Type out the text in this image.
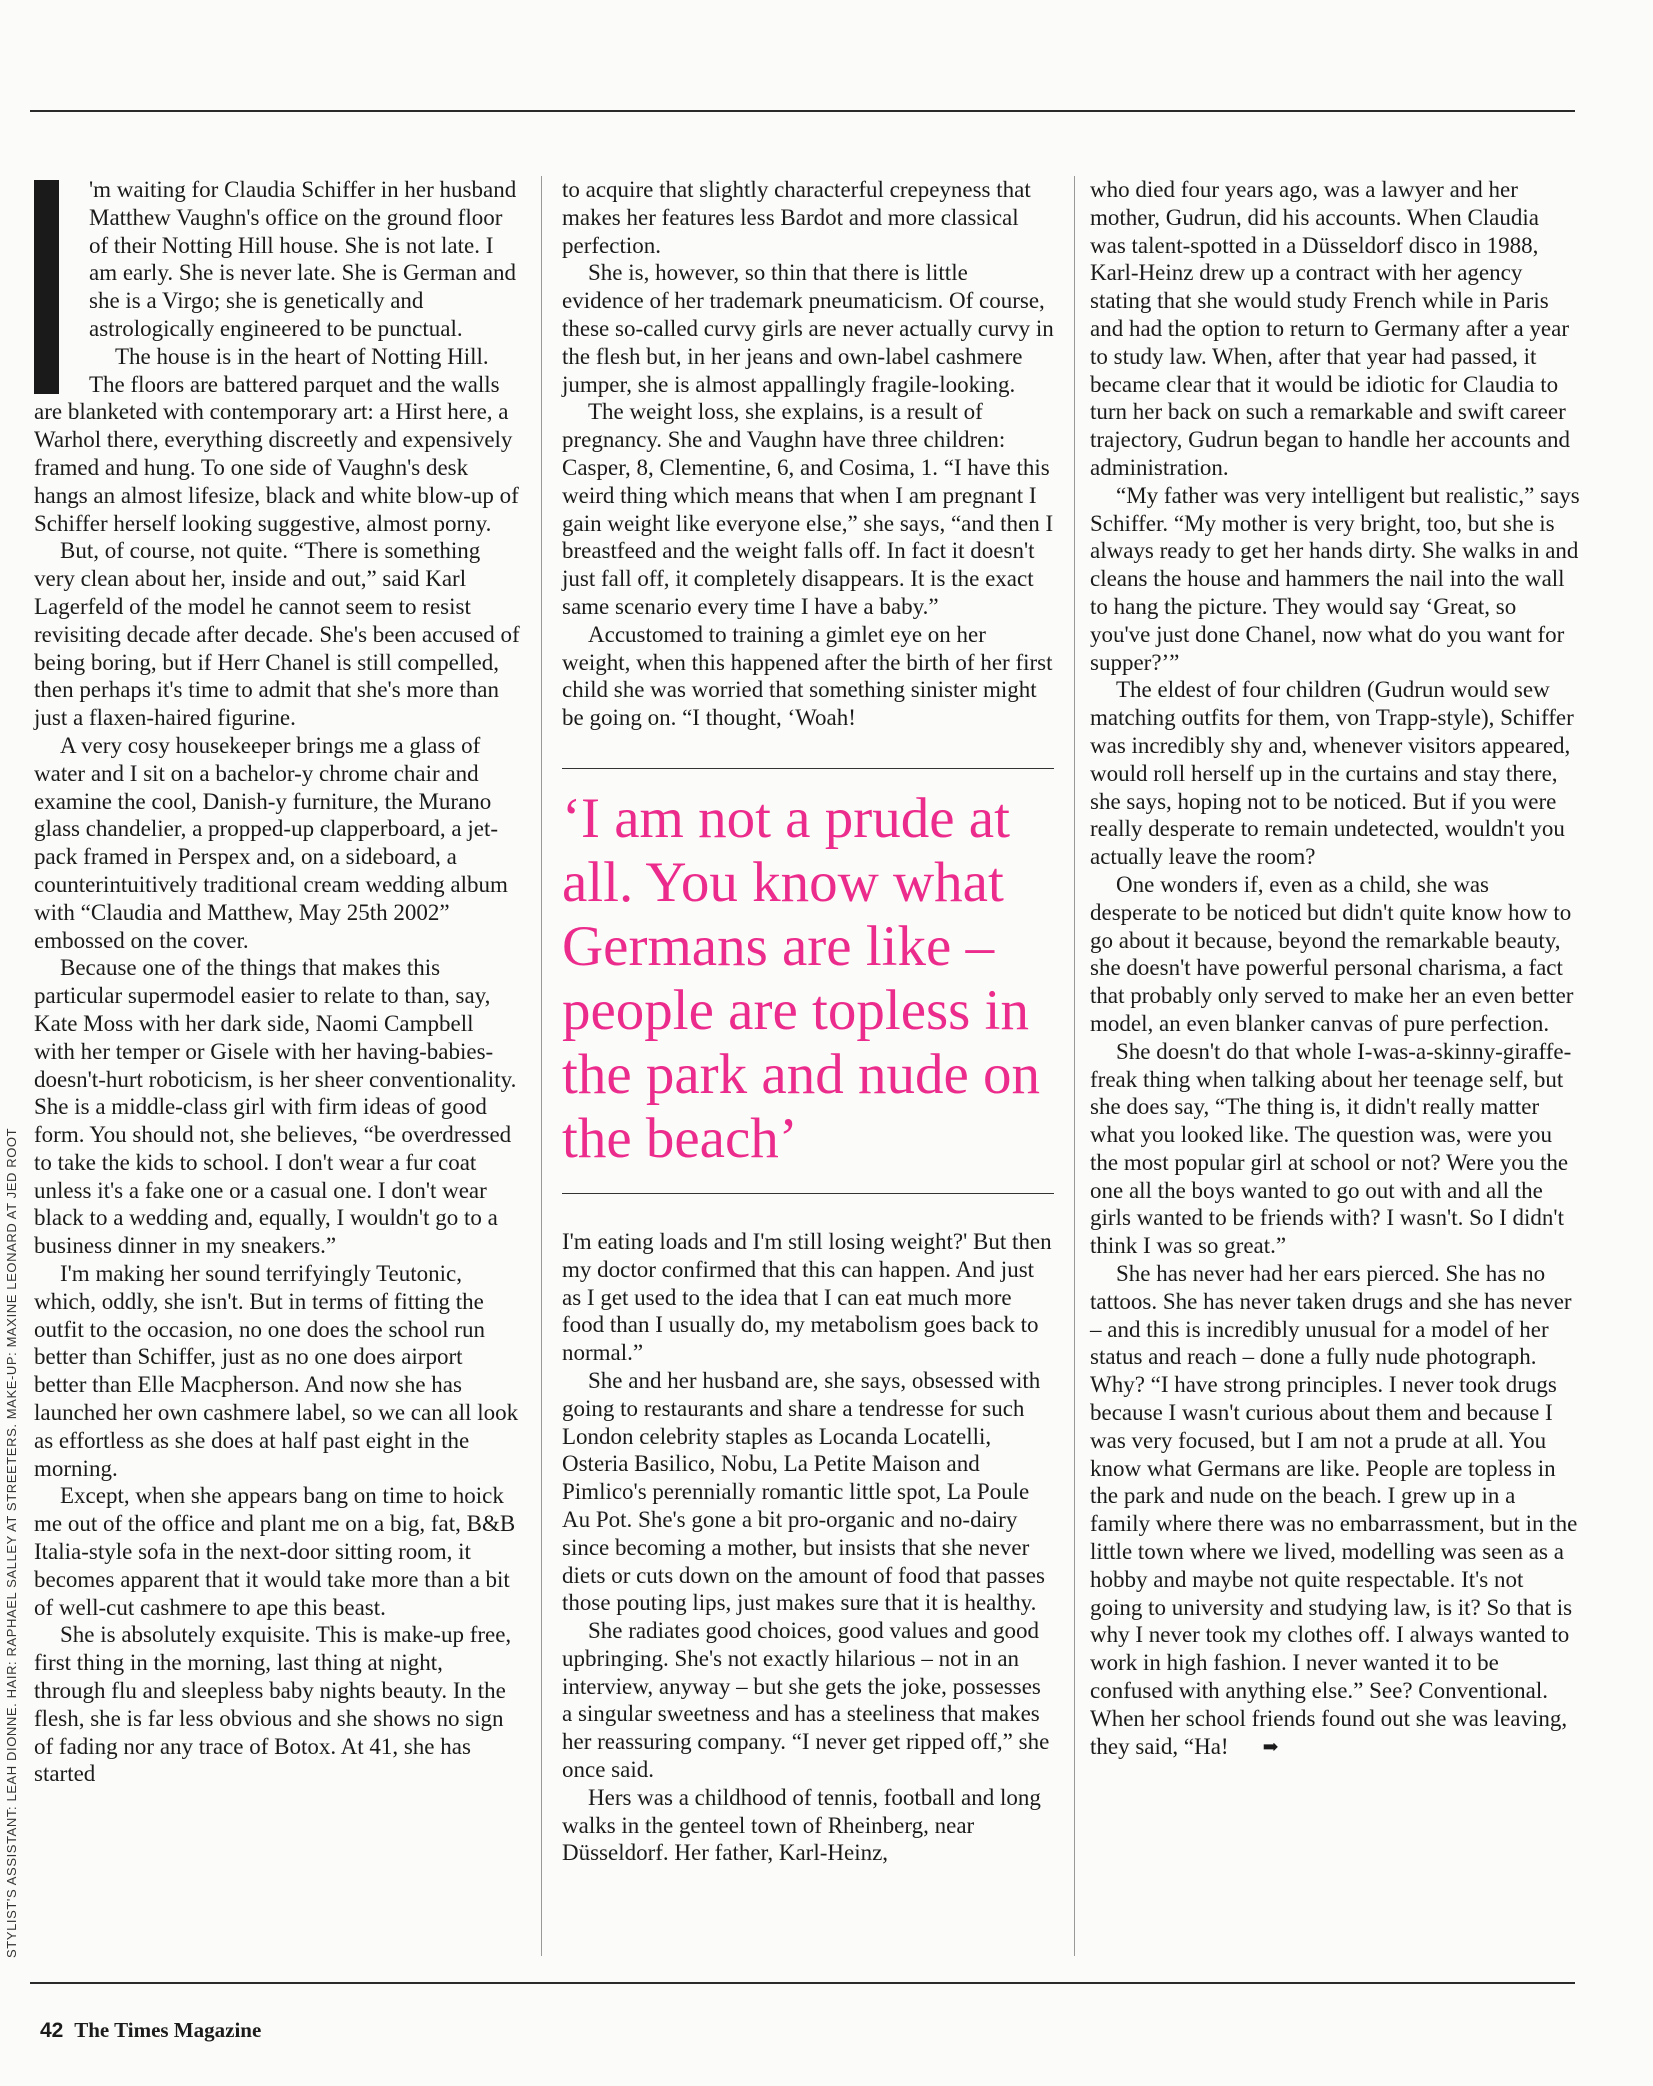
STYLIST'S ASSISTANT: LEAH DIONNE. HAIR: RAPHAEL SALLEY AT STREETERS. MAKE-UP: MAXINE LEONARD AT JED ROOT

'm waiting for Claudia Schiffer in her husband Matthew Vaughn's office on the ground floor of their Notting Hill house. She is not late. I am early. She is never late. She is German and she is a Virgo; she is genetically and astrologically engineered to be punctual.

The house is in the heart of Notting Hill. The floors are battered parquet and the walls are blanketed with contemporary art: a Hirst here, a Warhol there, everything discreetly and expensively framed and hung. To one side of Vaughn's desk hangs an almost lifesize, black and white blow-up of Schiffer herself looking suggestive, almost porny.

But, of course, not quite. “There is something very clean about her, inside and out,” said Karl Lagerfeld of the model he cannot seem to resist revisiting decade after decade. She's been accused of being boring, but if Herr Chanel is still compelled, then perhaps it's time to admit that she's more than just a flaxen-haired figurine.

A very cosy housekeeper brings me a glass of water and I sit on a bachelor-y chrome chair and examine the cool, Danish-y furniture, the Murano glass chandelier, a propped-up clapperboard, a jet-pack framed in Perspex and, on a sideboard, a counterintuitively traditional cream wedding album with “Claudia and Matthew, May 25th 2002” embossed on the cover.

Because one of the things that makes this particular supermodel easier to relate to than, say, Kate Moss with her dark side, Naomi Campbell with her temper or Gisele with her having-babies-doesn't-hurt roboticism, is her sheer conventionality. She is a middle-class girl with firm ideas of good form. You should not, she believes, “be overdressed to take the kids to school. I don't wear a fur coat unless it's a fake one or a casual one. I don't wear black to a wedding and, equally, I wouldn't go to a business dinner in my sneakers.”

I'm making her sound terrifyingly Teutonic, which, oddly, she isn't. But in terms of fitting the outfit to the occasion, no one does the school run better than Schiffer, just as no one does airport better than Elle Macpherson. And now she has launched her own cashmere label, so we can all look as effortless as she does at half past eight in the morning.

Except, when she appears bang on time to hoick me out of the office and plant me on a big, fat, B&B Italia-style sofa in the next-door sitting room, it becomes apparent that it would take more than a bit of well-cut cashmere to ape this beast.

She is absolutely exquisite. This is make-up free, first thing in the morning, last thing at night, through flu and sleepless baby nights beauty. In the flesh, she is far less obvious and she shows no sign of fading nor any trace of Botox. At 41, she has started

to acquire that slightly characterful crepeyness that makes her features less Bardot and more classical perfection.

She is, however, so thin that there is little evidence of her trademark pneumaticism. Of course, these so-called curvy girls are never actually curvy in the flesh but, in her jeans and own-label cashmere jumper, she is almost appallingly fragile-looking.

The weight loss, she explains, is a result of pregnancy. She and Vaughn have three children: Casper, 8, Clementine, 6, and Cosima, 1. “I have this weird thing which means that when I am pregnant I gain weight like everyone else,” she says, “and then I breastfeed and the weight falls off. In fact it doesn't just fall off, it completely disappears. It is the exact same scenario every time I have a baby.”

Accustomed to training a gimlet eye on her weight, when this happened after the birth of her first child she was worried that something sinister might be going on. “I thought, ‘Woah!

‘I am not a prude at all. You know what Germans are like – people are topless in the park and nude on the beach’

I'm eating loads and I'm still losing weight?' But then my doctor confirmed that this can happen. And just as I get used to the idea that I can eat much more food than I usually do, my metabolism goes back to normal.”

She and her husband are, she says, obsessed with going to restaurants and share a tendresse for such London celebrity staples as Locanda Locatelli, Osteria Basilico, Nobu, La Petite Maison and Pimlico's perennially romantic little spot, La Poule Au Pot. She's gone a bit pro-organic and no-dairy since becoming a mother, but insists that she never diets or cuts down on the amount of food that passes those pouting lips, just makes sure that it is healthy.

She radiates good choices, good values and good upbringing. She's not exactly hilarious – not in an interview, anyway – but she gets the joke, possesses a singular sweetness and has a steeliness that makes her reassuring company. “I never get ripped off,” she once said.

Hers was a childhood of tennis, football and long walks in the genteel town of Rheinberg, near Düsseldorf. Her father, Karl-Heinz,

who died four years ago, was a lawyer and her mother, Gudrun, did his accounts. When Claudia was talent-spotted in a Düsseldorf disco in 1988, Karl-Heinz drew up a contract with her agency stating that she would study French while in Paris and had the option to return to Germany after a year to study law. When, after that year had passed, it became clear that it would be idiotic for Claudia to turn her back on such a remarkable and swift career trajectory, Gudrun began to handle her accounts and administration.

“My father was very intelligent but realistic,” says Schiffer. “My mother is very bright, too, but she is always ready to get her hands dirty. She walks in and cleans the house and hammers the nail into the wall to hang the picture. They would say ‘Great, so you've just done Chanel, now what do you want for supper?’”

The eldest of four children (Gudrun would sew matching outfits for them, von Trapp-style), Schiffer was incredibly shy and, whenever visitors appeared, would roll herself up in the curtains and stay there, she says, hoping not to be noticed. But if you were really desperate to remain undetected, wouldn't you actually leave the room?

One wonders if, even as a child, she was desperate to be noticed but didn't quite know how to go about it because, beyond the remarkable beauty, she doesn't have powerful personal charisma, a fact that probably only served to make her an even better model, an even blanker canvas of pure perfection.

She doesn't do that whole I-was-a-skinny-giraffe-freak thing when talking about her teenage self, but she does say, “The thing is, it didn't really matter what you looked like. The question was, were you the most popular girl at school or not? Were you the one all the boys wanted to go out with and all the girls wanted to be friends with? I wasn't. So I didn't think I was so great.”

She has never had her ears pierced. She has no tattoos. She has never taken drugs and she has never – and this is incredibly unusual for a model of her status and reach – done a fully nude photograph. Why? “I have strong principles. I never took drugs because I wasn't curious about them and because I was very focused, but I am not a prude at all. You know what Germans are like. People are topless in the park and nude on the beach. I grew up in a family where there was no embarrassment, but in the little town where we lived, modelling was seen as a hobby and maybe not quite respectable. It's not going to university and studying law, is it? So that is why I never took my clothes off. I always wanted to work in high fashion. I never wanted it to be confused with anything else.” See? Conventional. When her school friends found out she was leaving, they said, “Ha! ➡

42 The Times Magazine
